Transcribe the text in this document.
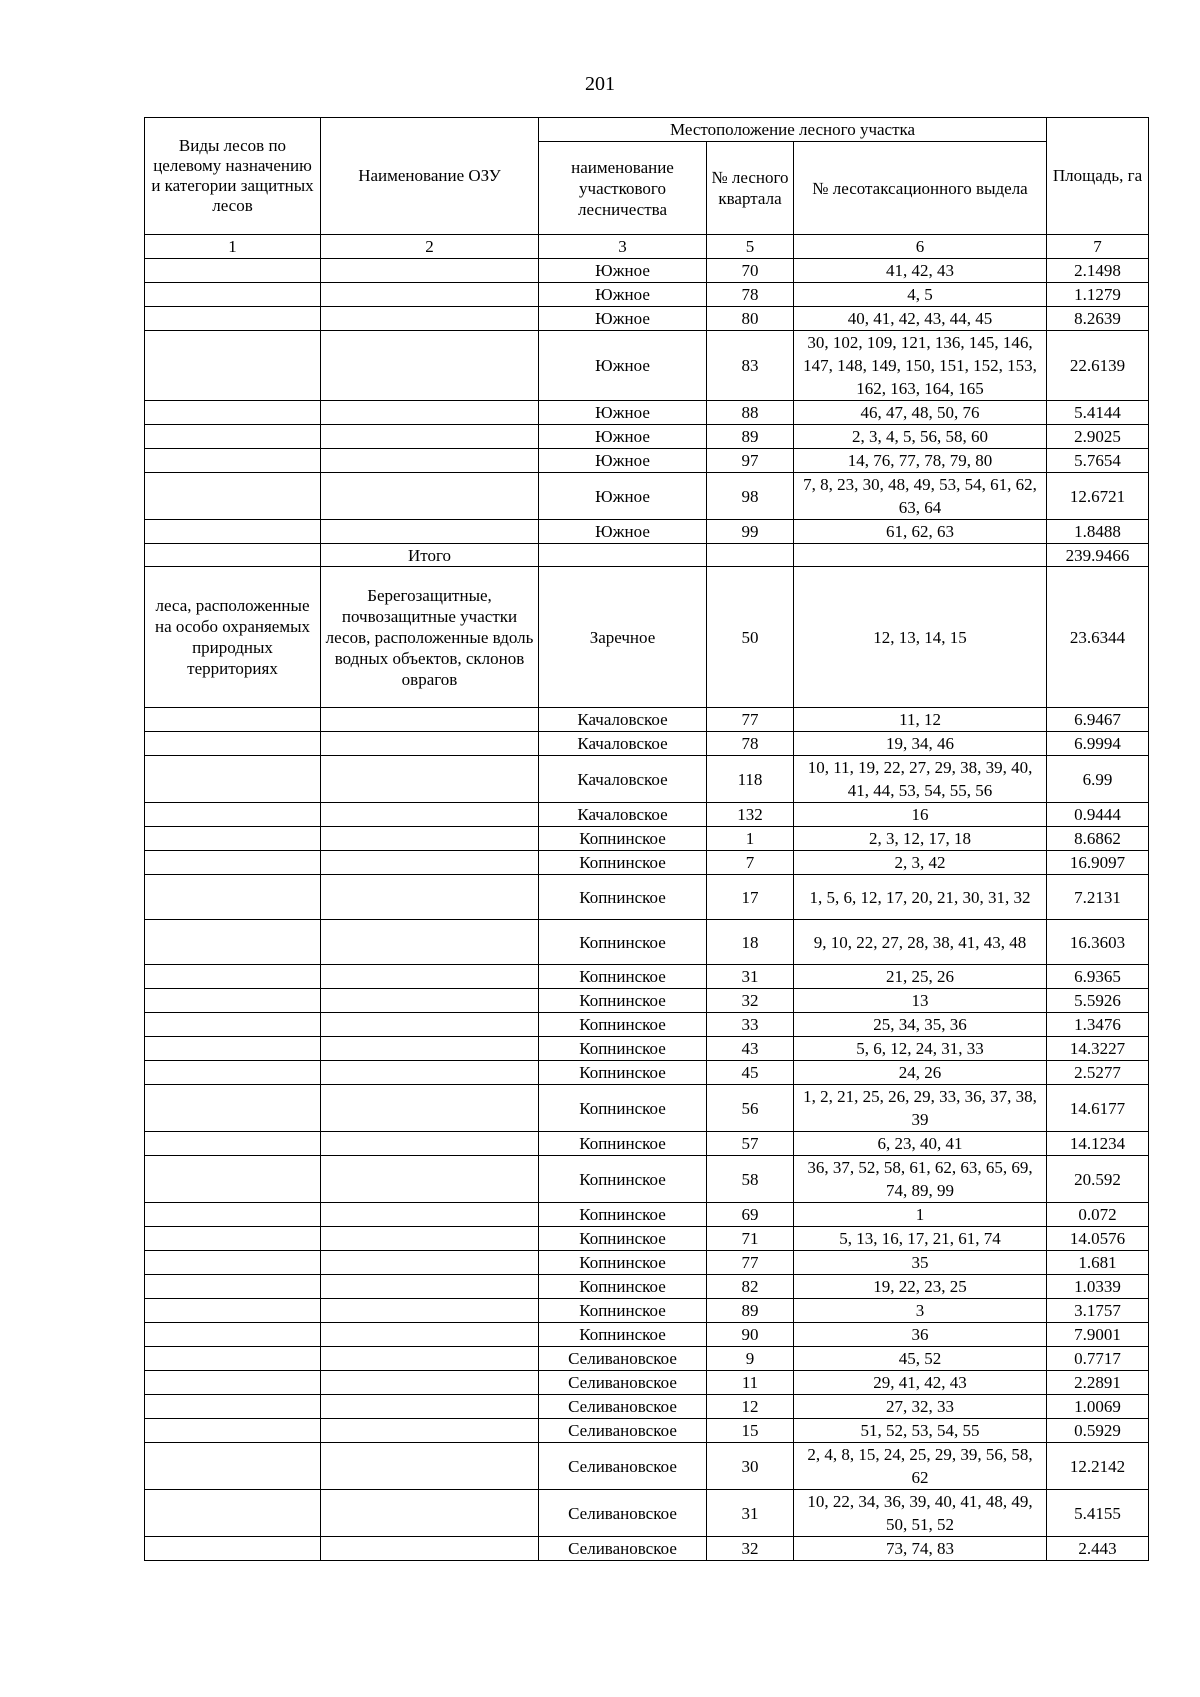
201
Виды лесов по целевому назначению и категории защитных лесов	Наименование ОЗУ	Местоположение лесного участка			Площадь, га
		наименование участкового лесничества	№ лесного квартала	№ лесотаксационного выдела	
1	2	3	5	6	7
		Южное	70	41, 42, 43	2.1498
		Южное	78	4, 5	1.1279
		Южное	80	40, 41, 42, 43, 44, 45	8.2639
		Южное	83	30, 102, 109, 121, 136, 145, 146, 147, 148, 149, 150, 151, 152, 153, 162, 163, 164, 165	22.6139
		Южное	88	46, 47, 48, 50, 76	5.4144
		Южное	89	2, 3, 4, 5, 56, 58, 60	2.9025
		Южное	97	14, 76, 77, 78, 79, 80	5.7654
		Южное	98	7, 8, 23, 30, 48, 49, 53, 54, 61, 62, 63, 64	12.6721
		Южное	99	61, 62, 63	1.8488
	Итого				239.9466
леса, расположенные на особо охраняемых природных территориях	Берегозащитные, почвозащитные участки лесов, расположенные вдоль водных объектов, склонов оврагов	Заречное	50	12, 13, 14, 15	23.6344
		Качаловское	77	11, 12	6.9467
		Качаловское	78	19, 34, 46	6.9994
		Качаловское	118	10, 11, 19, 22, 27, 29, 38, 39, 40, 41, 44, 53, 54, 55, 56	6.99
		Качаловское	132	16	0.9444
		Копнинское	1	2, 3, 12, 17, 18	8.6862
		Копнинское	7	2, 3, 42	16.9097
		Копнинское	17	1, 5, 6, 12, 17, 20, 21, 30, 31, 32	7.2131
		Копнинское	18	9, 10, 22, 27, 28, 38, 41, 43, 48	16.3603
		Копнинское	31	21, 25, 26	6.9365
		Копнинское	32	13	5.5926
		Копнинское	33	25, 34, 35, 36	1.3476
		Копнинское	43	5, 6, 12, 24, 31, 33	14.3227
		Копнинское	45	24, 26	2.5277
		Копнинское	56	1, 2, 21, 25, 26, 29, 33, 36, 37, 38, 39	14.6177
		Копнинское	57	6, 23, 40, 41	14.1234
		Копнинское	58	36, 37, 52, 58, 61, 62, 63, 65, 69, 74, 89, 99	20.592
		Копнинское	69	1	0.072
		Копнинское	71	5, 13, 16, 17, 21, 61, 74	14.0576
		Копнинское	77	35	1.681
		Копнинское	82	19, 22, 23, 25	1.0339
		Копнинское	89	3	3.1757
		Копнинское	90	36	7.9001
		Селивановское	9	45, 52	0.7717
		Селивановское	11	29, 41, 42, 43	2.2891
		Селивановское	12	27, 32, 33	1.0069
		Селивановское	15	51, 52, 53, 54, 55	0.5929
		Селивановское	30	2, 4, 8, 15, 24, 25, 29, 39, 56, 58, 62	12.2142
		Селивановское	31	10, 22, 34, 36, 39, 40, 41, 48, 49, 50, 51, 52	5.4155
		Селивановское	32	73, 74, 83	2.443
